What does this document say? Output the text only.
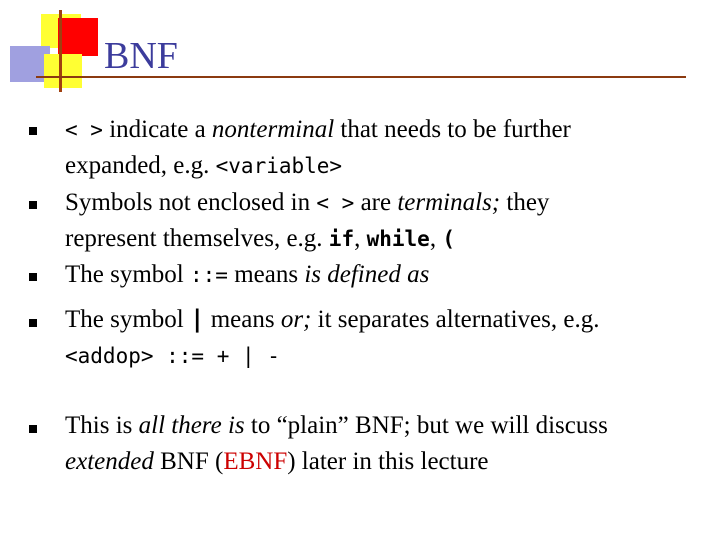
BNF
< > indicate a nonterminal that needs to be further
expanded, e.g. <variable>
Symbols not enclosed in < > are terminals; they
represent themselves, e.g. if, while, (
The symbol ::= means is defined as
The symbol | means or; it separates alternatives, e.g.
<addop> ::= + | -
This is all there is to “plain” BNF; but we will discuss
extended BNF (EBNF) later in this lecture
